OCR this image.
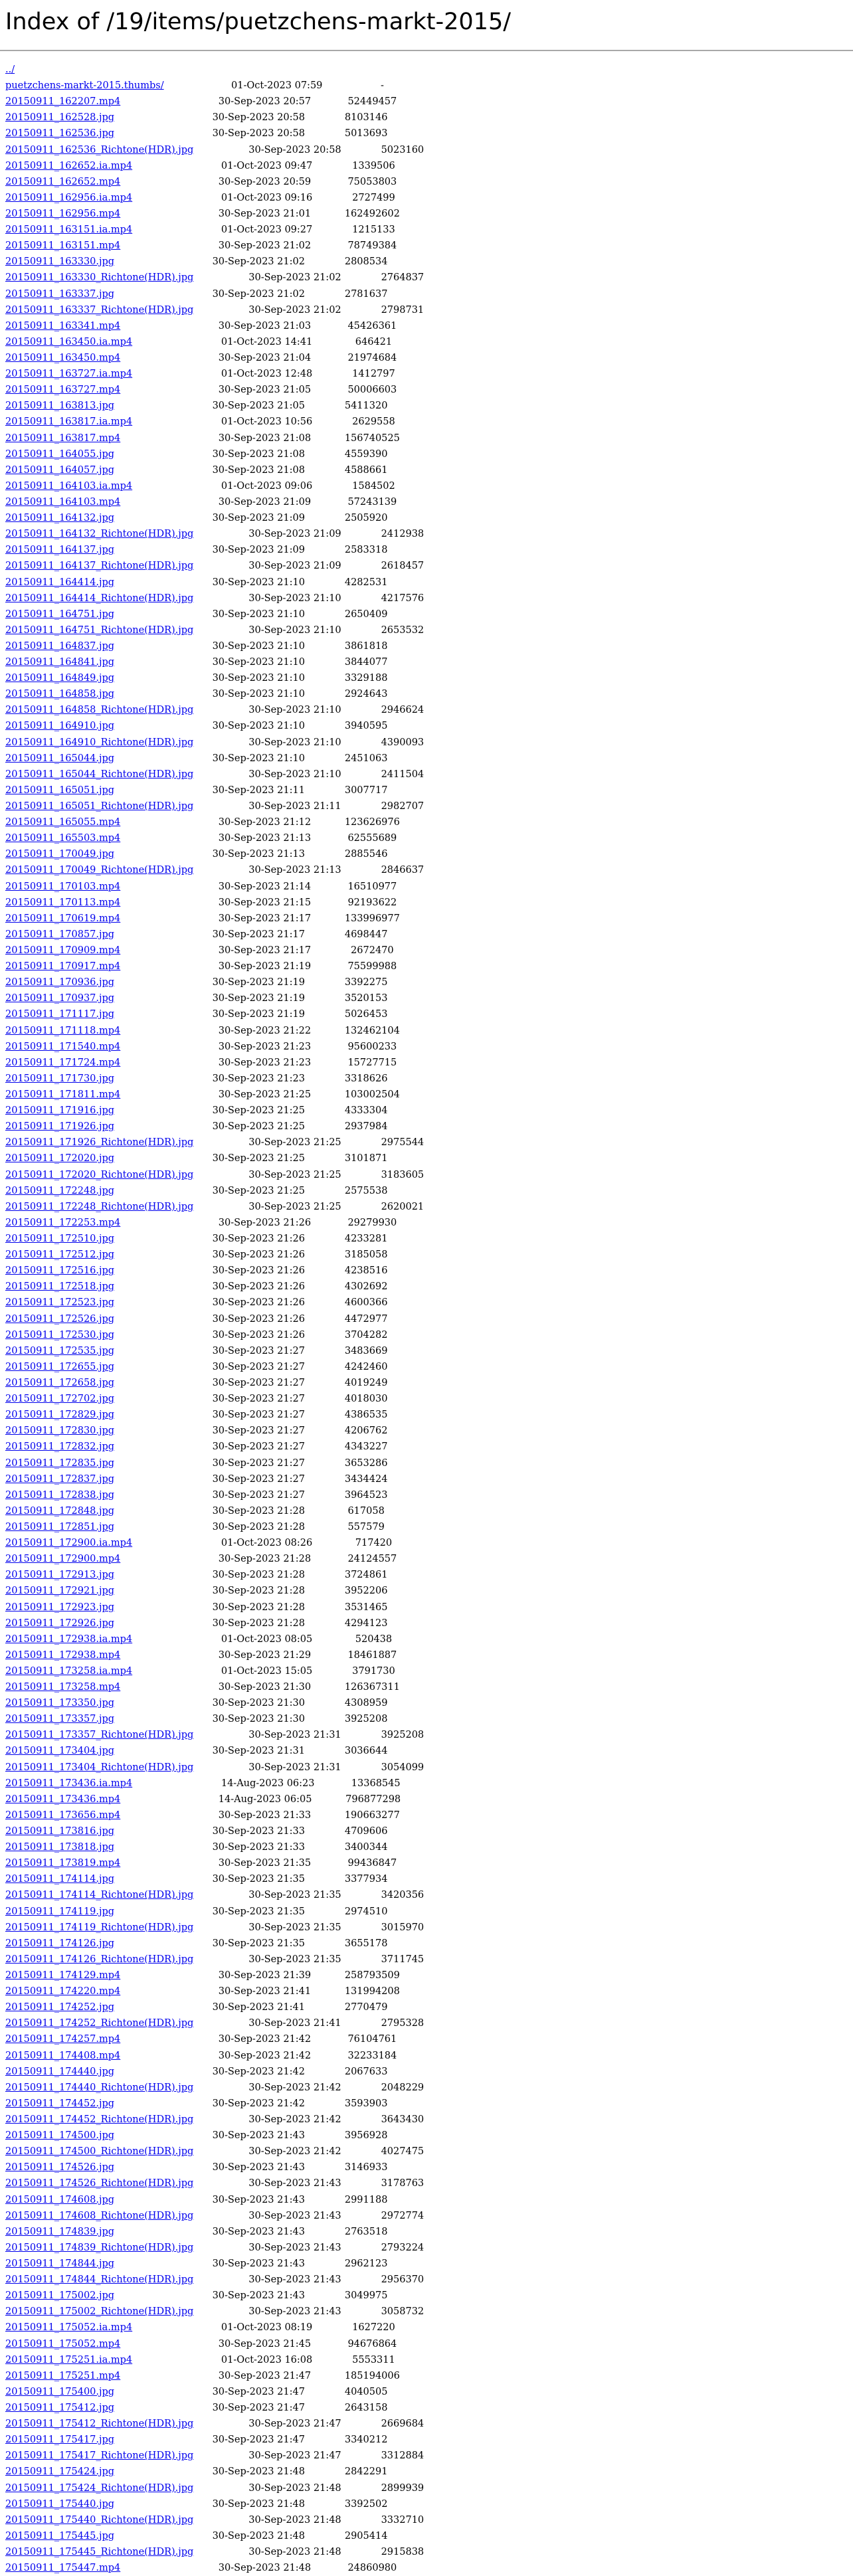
Index of /19/items/puetzchens-markt-2015/
../
puetzchens-markt-2015.thumbs/	01-Oct-2023 07:59	-
20150911_162207.mp4	30-Sep-2023 20:57	52449457
20150911_162528.jpg	30-Sep-2023 20:58	8103146
20150911_162536.jpg	30-Sep-2023 20:58	5013693
20150911_162536_Richtone(HDR).jpg	30-Sep-2023 20:58	5023160
20150911_162652.ia.mp4	01-Oct-2023 09:47	1339506
20150911_162652.mp4	30-Sep-2023 20:59	75053803
20150911_162956.ia.mp4	01-Oct-2023 09:16	2727499
20150911_162956.mp4	30-Sep-2023 21:01	162492602
20150911_163151.ia.mp4	01-Oct-2023 09:27	1215133
20150911_163151.mp4	30-Sep-2023 21:02	78749384
20150911_163330.jpg	30-Sep-2023 21:02	2808534
20150911_163330_Richtone(HDR).jpg	30-Sep-2023 21:02	2764837
20150911_163337.jpg	30-Sep-2023 21:02	2781637
20150911_163337_Richtone(HDR).jpg	30-Sep-2023 21:02	2798731
20150911_163341.mp4	30-Sep-2023 21:03	45426361
20150911_163450.ia.mp4	01-Oct-2023 14:41	646421
20150911_163450.mp4	30-Sep-2023 21:04	21974684
20150911_163727.ia.mp4	01-Oct-2023 12:48	1412797
20150911_163727.mp4	30-Sep-2023 21:05	50006603
20150911_163813.jpg	30-Sep-2023 21:05	5411320
20150911_163817.ia.mp4	01-Oct-2023 10:56	2629558
20150911_163817.mp4	30-Sep-2023 21:08	156740525
20150911_164055.jpg	30-Sep-2023 21:08	4559390
20150911_164057.jpg	30-Sep-2023 21:08	4588661
20150911_164103.ia.mp4	01-Oct-2023 09:06	1584502
20150911_164103.mp4	30-Sep-2023 21:09	57243139
20150911_164132.jpg	30-Sep-2023 21:09	2505920
20150911_164132_Richtone(HDR).jpg	30-Sep-2023 21:09	2412938
20150911_164137.jpg	30-Sep-2023 21:09	2583318
20150911_164137_Richtone(HDR).jpg	30-Sep-2023 21:09	2618457
20150911_164414.jpg	30-Sep-2023 21:10	4282531
20150911_164414_Richtone(HDR).jpg	30-Sep-2023 21:10	4217576
20150911_164751.jpg	30-Sep-2023 21:10	2650409
20150911_164751_Richtone(HDR).jpg	30-Sep-2023 21:10	2653532
20150911_164837.jpg	30-Sep-2023 21:10	3861818
20150911_164841.jpg	30-Sep-2023 21:10	3844077
20150911_164849.jpg	30-Sep-2023 21:10	3329188
20150911_164858.jpg	30-Sep-2023 21:10	2924643
20150911_164858_Richtone(HDR).jpg	30-Sep-2023 21:10	2946624
20150911_164910.jpg	30-Sep-2023 21:10	3940595
20150911_164910_Richtone(HDR).jpg	30-Sep-2023 21:10	4390093
20150911_165044.jpg	30-Sep-2023 21:10	2451063
20150911_165044_Richtone(HDR).jpg	30-Sep-2023 21:10	2411504
20150911_165051.jpg	30-Sep-2023 21:11	3007717
20150911_165051_Richtone(HDR).jpg	30-Sep-2023 21:11	2982707
20150911_165055.mp4	30-Sep-2023 21:12	123626976
20150911_165503.mp4	30-Sep-2023 21:13	62555689
20150911_170049.jpg	30-Sep-2023 21:13	2885546
20150911_170049_Richtone(HDR).jpg	30-Sep-2023 21:13	2846637
20150911_170103.mp4	30-Sep-2023 21:14	16510977
20150911_170113.mp4	30-Sep-2023 21:15	92193622
20150911_170619.mp4	30-Sep-2023 21:17	133996977
20150911_170857.jpg	30-Sep-2023 21:17	4698447
20150911_170909.mp4	30-Sep-2023 21:17	2672470
20150911_170917.mp4	30-Sep-2023 21:19	75599988
20150911_170936.jpg	30-Sep-2023 21:19	3392275
20150911_170937.jpg	30-Sep-2023 21:19	3520153
20150911_171117.jpg	30-Sep-2023 21:19	5026453
20150911_171118.mp4	30-Sep-2023 21:22	132462104
20150911_171540.mp4	30-Sep-2023 21:23	95600233
20150911_171724.mp4	30-Sep-2023 21:23	15727715
20150911_171730.jpg	30-Sep-2023 21:23	3318626
20150911_171811.mp4	30-Sep-2023 21:25	103002504
20150911_171916.jpg	30-Sep-2023 21:25	4333304
20150911_171926.jpg	30-Sep-2023 21:25	2937984
20150911_171926_Richtone(HDR).jpg	30-Sep-2023 21:25	2975544
20150911_172020.jpg	30-Sep-2023 21:25	3101871
20150911_172020_Richtone(HDR).jpg	30-Sep-2023 21:25	3183605
20150911_172248.jpg	30-Sep-2023 21:25	2575538
20150911_172248_Richtone(HDR).jpg	30-Sep-2023 21:25	2620021
20150911_172253.mp4	30-Sep-2023 21:26	29279930
20150911_172510.jpg	30-Sep-2023 21:26	4233281
20150911_172512.jpg	30-Sep-2023 21:26	3185058
20150911_172516.jpg	30-Sep-2023 21:26	4238516
20150911_172518.jpg	30-Sep-2023 21:26	4302692
20150911_172523.jpg	30-Sep-2023 21:26	4600366
20150911_172526.jpg	30-Sep-2023 21:26	4472977
20150911_172530.jpg	30-Sep-2023 21:26	3704282
20150911_172535.jpg	30-Sep-2023 21:27	3483669
20150911_172655.jpg	30-Sep-2023 21:27	4242460
20150911_172658.jpg	30-Sep-2023 21:27	4019249
20150911_172702.jpg	30-Sep-2023 21:27	4018030
20150911_172829.jpg	30-Sep-2023 21:27	4386535
20150911_172830.jpg	30-Sep-2023 21:27	4206762
20150911_172832.jpg	30-Sep-2023 21:27	4343227
20150911_172835.jpg	30-Sep-2023 21:27	3653286
20150911_172837.jpg	30-Sep-2023 21:27	3434424
20150911_172838.jpg	30-Sep-2023 21:27	3964523
20150911_172848.jpg	30-Sep-2023 21:28	617058
20150911_172851.jpg	30-Sep-2023 21:28	557579
20150911_172900.ia.mp4	01-Oct-2023 08:26	717420
20150911_172900.mp4	30-Sep-2023 21:28	24124557
20150911_172913.jpg	30-Sep-2023 21:28	3724861
20150911_172921.jpg	30-Sep-2023 21:28	3952206
20150911_172923.jpg	30-Sep-2023 21:28	3531465
20150911_172926.jpg	30-Sep-2023 21:28	4294123
20150911_172938.ia.mp4	01-Oct-2023 08:05	520438
20150911_172938.mp4	30-Sep-2023 21:29	18461887
20150911_173258.ia.mp4	01-Oct-2023 15:05	3791730
20150911_173258.mp4	30-Sep-2023 21:30	126367311
20150911_173350.jpg	30-Sep-2023 21:30	4308959
20150911_173357.jpg	30-Sep-2023 21:30	3925208
20150911_173357_Richtone(HDR).jpg	30-Sep-2023 21:31	3925208
20150911_173404.jpg	30-Sep-2023 21:31	3036644
20150911_173404_Richtone(HDR).jpg	30-Sep-2023 21:31	3054099
20150911_173436.ia.mp4	14-Aug-2023 06:23	13368545
20150911_173436.mp4	14-Aug-2023 06:05	796877298
20150911_173656.mp4	30-Sep-2023 21:33	190663277
20150911_173816.jpg	30-Sep-2023 21:33	4709606
20150911_173818.jpg	30-Sep-2023 21:33	3400344
20150911_173819.mp4	30-Sep-2023 21:35	99436847
20150911_174114.jpg	30-Sep-2023 21:35	3377934
20150911_174114_Richtone(HDR).jpg	30-Sep-2023 21:35	3420356
20150911_174119.jpg	30-Sep-2023 21:35	2974510
20150911_174119_Richtone(HDR).jpg	30-Sep-2023 21:35	3015970
20150911_174126.jpg	30-Sep-2023 21:35	3655178
20150911_174126_Richtone(HDR).jpg	30-Sep-2023 21:35	3711745
20150911_174129.mp4	30-Sep-2023 21:39	258793509
20150911_174220.mp4	30-Sep-2023 21:41	131994208
20150911_174252.jpg	30-Sep-2023 21:41	2770479
20150911_174252_Richtone(HDR).jpg	30-Sep-2023 21:41	2795328
20150911_174257.mp4	30-Sep-2023 21:42	76104761
20150911_174408.mp4	30-Sep-2023 21:42	32233184
20150911_174440.jpg	30-Sep-2023 21:42	2067633
20150911_174440_Richtone(HDR).jpg	30-Sep-2023 21:42	2048229
20150911_174452.jpg	30-Sep-2023 21:42	3593903
20150911_174452_Richtone(HDR).jpg	30-Sep-2023 21:42	3643430
20150911_174500.jpg	30-Sep-2023 21:43	3956928
20150911_174500_Richtone(HDR).jpg	30-Sep-2023 21:42	4027475
20150911_174526.jpg	30-Sep-2023 21:43	3146933
20150911_174526_Richtone(HDR).jpg	30-Sep-2023 21:43	3178763
20150911_174608.jpg	30-Sep-2023 21:43	2991188
20150911_174608_Richtone(HDR).jpg	30-Sep-2023 21:43	2972774
20150911_174839.jpg	30-Sep-2023 21:43	2763518
20150911_174839_Richtone(HDR).jpg	30-Sep-2023 21:43	2793224
20150911_174844.jpg	30-Sep-2023 21:43	2962123
20150911_174844_Richtone(HDR).jpg	30-Sep-2023 21:43	2956370
20150911_175002.jpg	30-Sep-2023 21:43	3049975
20150911_175002_Richtone(HDR).jpg	30-Sep-2023 21:43	3058732
20150911_175052.ia.mp4	01-Oct-2023 08:19	1627220
20150911_175052.mp4	30-Sep-2023 21:45	94676864
20150911_175251.ia.mp4	01-Oct-2023 16:08	5553311
20150911_175251.mp4	30-Sep-2023 21:47	185194006
20150911_175400.jpg	30-Sep-2023 21:47	4040505
20150911_175412.jpg	30-Sep-2023 21:47	2643158
20150911_175412_Richtone(HDR).jpg	30-Sep-2023 21:47	2669684
20150911_175417.jpg	30-Sep-2023 21:47	3340212
20150911_175417_Richtone(HDR).jpg	30-Sep-2023 21:47	3312884
20150911_175424.jpg	30-Sep-2023 21:48	2842291
20150911_175424_Richtone(HDR).jpg	30-Sep-2023 21:48	2899939
20150911_175440.jpg	30-Sep-2023 21:48	3392502
20150911_175440_Richtone(HDR).jpg	30-Sep-2023 21:48	3332710
20150911_175445.jpg	30-Sep-2023 21:48	2905414
20150911_175445_Richtone(HDR).jpg	30-Sep-2023 21:48	2915838
20150911_175447.mp4	30-Sep-2023 21:48	24860980
